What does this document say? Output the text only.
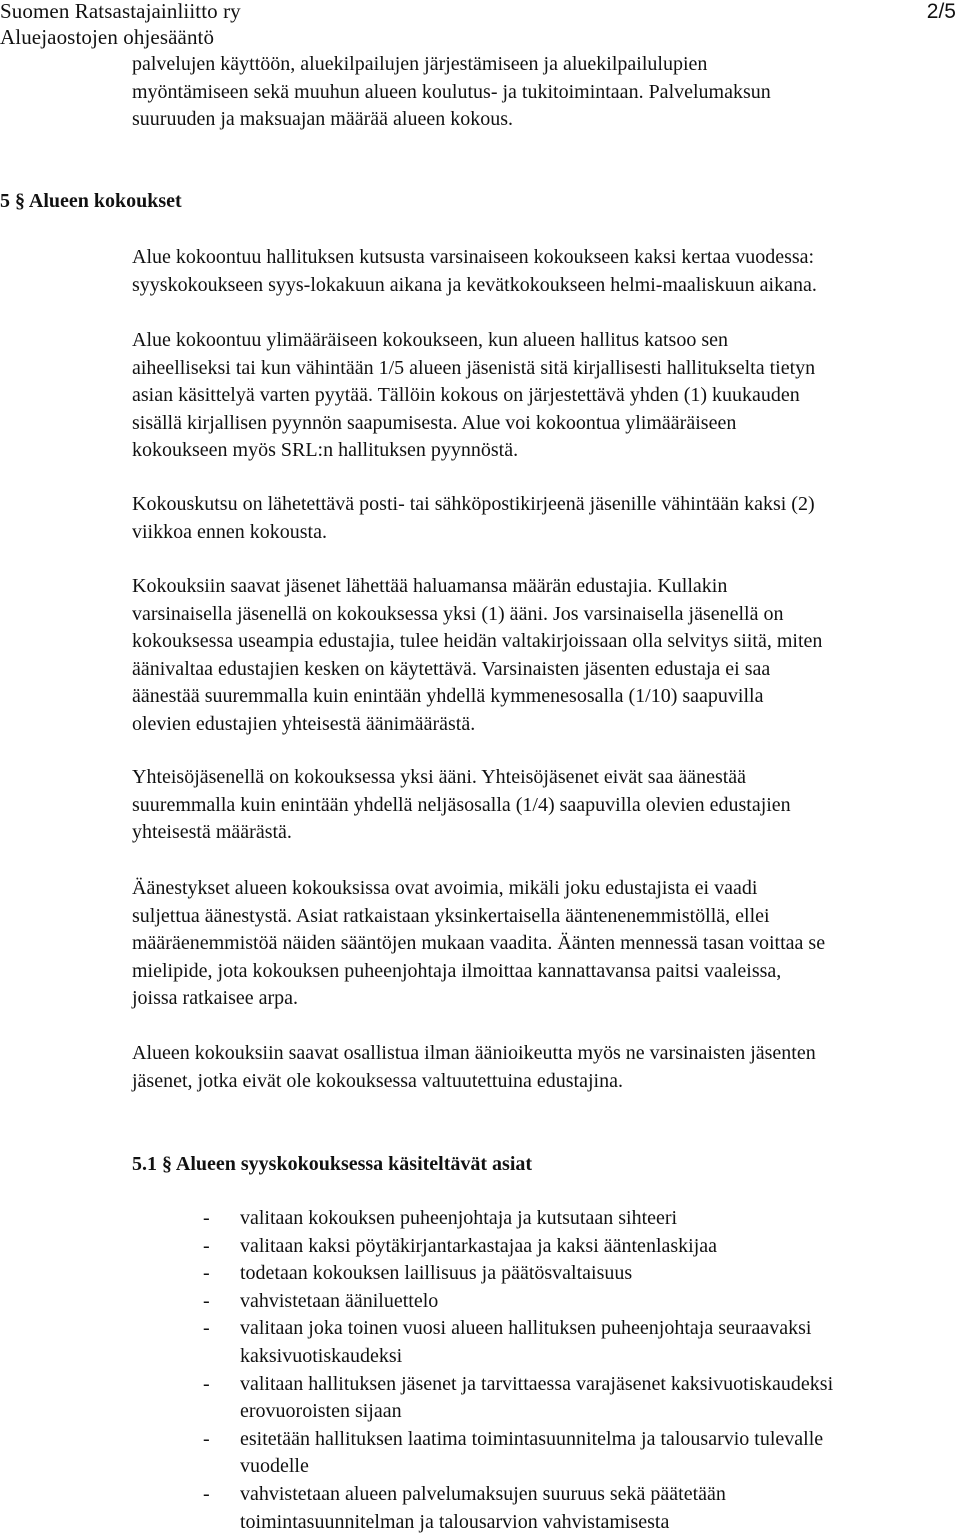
Suomen Ratsastajainliitto ry
Aluejaostojen ohjesääntö
2/5
palvelujen käyttöön, aluekilpailujen järjestämiseen ja aluekilpailulupien
myöntämiseen sekä muuhun alueen koulutus- ja tukitoimintaan. Palvelumaksun
suuruuden ja maksuajan määrää alueen kokous.
5 § Alueen kokoukset
Alue kokoontuu hallituksen kutsusta varsinaiseen kokoukseen kaksi kertaa vuodessa:
syyskokoukseen syys-lokakuun aikana ja kevätkokoukseen helmi-maaliskuun aikana.
Alue kokoontuu ylimääräiseen kokoukseen, kun alueen hallitus katsoo sen
aiheelliseksi tai kun vähintään 1/5 alueen jäsenistä sitä kirjallisesti hallitukselta tietyn
asian käsittelyä varten pyytää. Tällöin kokous on järjestettävä yhden (1) kuukauden
sisällä kirjallisen pyynnön saapumisesta. Alue voi kokoontua ylimääräiseen
kokoukseen myös SRL:n hallituksen pyynnöstä.
Kokouskutsu on lähetettävä posti- tai sähköpostikirjeenä jäsenille vähintään kaksi (2)
viikkoa ennen kokousta.
Kokouksiin saavat jäsenet lähettää haluamansa määrän edustajia. Kullakin
varsinaisella jäsenellä on kokouksessa yksi (1) ääni. Jos varsinaisella jäsenellä on
kokouksessa useampia edustajia, tulee heidän valtakirjoissaan olla selvitys siitä, miten
äänivaltaa edustajien kesken on käytettävä. Varsinaisten jäsenten edustaja ei saa
äänestää suuremmalla kuin enintään yhdellä kymmenesosalla (1/10) saapuvilla
olevien edustajien yhteisestä äänimäärästä.
Yhteisöjäsenellä on kokouksessa yksi ääni. Yhteisöjäsenet eivät saa äänestää
suuremmalla kuin enintään yhdellä neljäsosalla (1/4) saapuvilla olevien edustajien
yhteisestä määrästä.
Äänestykset alueen kokouksissa ovat avoimia, mikäli joku edustajista ei vaadi
suljettua äänestystä. Asiat ratkaistaan yksinkertaisella ääntenenemmistöllä, ellei
määräenemmistöä näiden sääntöjen mukaan vaadita. Äänten mennessä tasan voittaa se
mielipide, jota kokouksen puheenjohtaja ilmoittaa kannattavansa paitsi vaaleissa,
joissa ratkaisee arpa.
Alueen kokouksiin saavat osallistua ilman äänioikeutta myös ne varsinaisten jäsenten
jäsenet, jotka eivät ole kokouksessa valtuutettuina edustajina.
5.1 § Alueen syyskokouksessa käsiteltävät asiat
- valitaan kokouksen puheenjohtaja ja kutsutaan sihteeri
- valitaan kaksi pöytäkirjantarkastajaa ja kaksi ääntenlaskijaa
- todetaan kokouksen laillisuus ja päätösvaltaisuus
- vahvistetaan ääniluettelo
- valitaan joka toinen vuosi alueen hallituksen puheenjohtaja seuraavaksi
kaksivuotiskaudeksi
- valitaan hallituksen jäsenet ja tarvittaessa varajäsenet kaksivuotiskaudeksi
erovuoroisten sijaan
- esitetään hallituksen laatima toimintasuunnitelma ja talousarvio tulevalle
vuodelle
- vahvistetaan alueen palvelumaksujen suuruus sekä päätetään
toimintasuunnitelman ja talousarvion vahvistamisesta
